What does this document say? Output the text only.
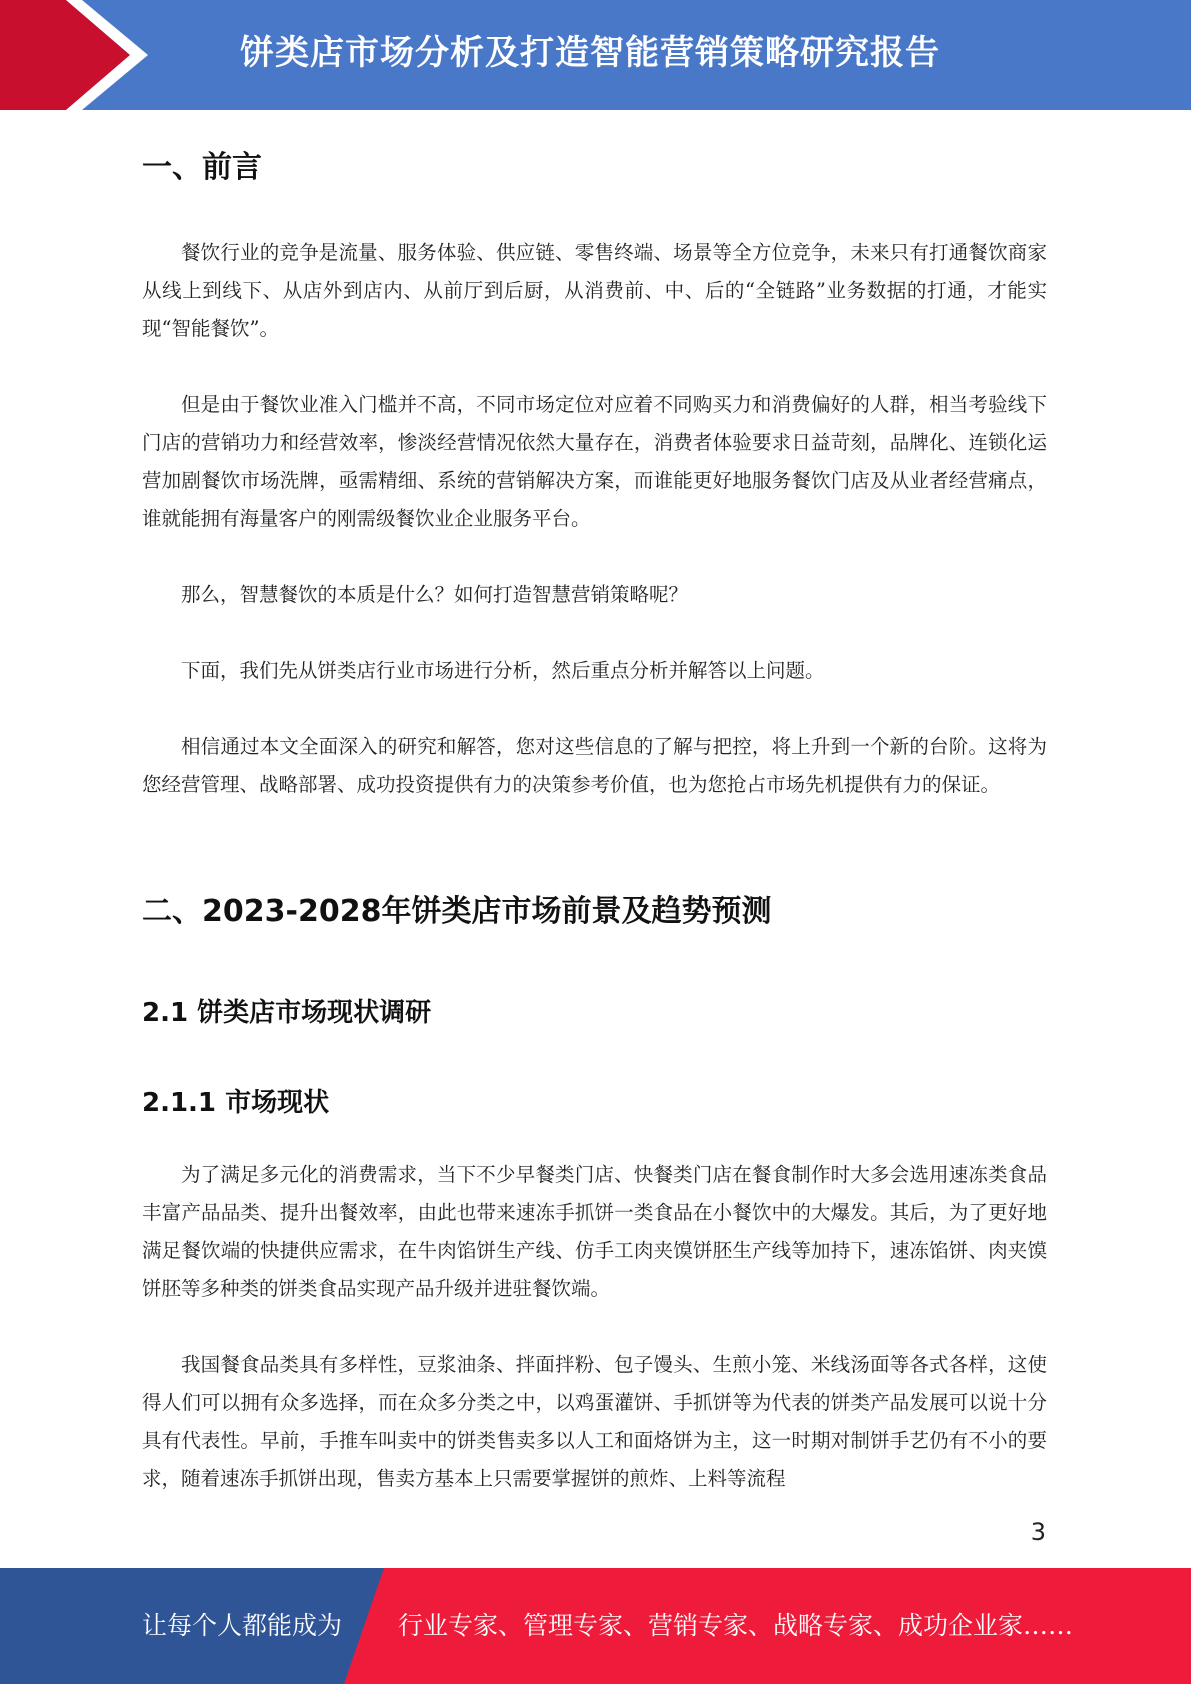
饼类店市场分析及打造智能营销策略研究报告
一、前言

餐饮行业的竞争是流量、服务体验、供应链、零售终端、场景等全方位竞争，未来只有打通餐饮商家从线上到线下、从店外到店内、从前厅到后厨，从消费前、中、后的“全链路”业务数据的打通，才能实现“智能餐饮”。

但是由于餐饮业准入门槛并不高，不同市场定位对应着不同购买力和消费偏好的人群，相当考验线下门店的营销功力和经营效率，惨淡经营情况依然大量存在，消费者体验要求日益苛刻，品牌化、连锁化运营加剧餐饮市场洗牌，亟需精细、系统的营销解决方案，而谁能更好地服务餐饮门店及从业者经营痛点，谁就能拥有海量客户的刚需级餐饮业企业服务平台。

那么，智慧餐饮的本质是什么？如何打造智慧营销策略呢？

下面，我们先从饼类店行业市场进行分析，然后重点分析并解答以上问题。

相信通过本文全面深入的研究和解答，您对这些信息的了解与把控，将上升到一个新的台阶。这将为您经营管理、战略部署、成功投资提供有力的决策参考价值，也为您抢占市场先机提供有力的保证。

二、2023-2028年饼类店市场前景及趋势预测
2.1 饼类店市场现状调研
2.1.1 市场现状

为了满足多元化的消费需求，当下不少早餐类门店、快餐类门店在餐食制作时大多会选用速冻类食品丰富产品品类、提升出餐效率，由此也带来速冻手抓饼一类食品在小餐饮中的大爆发。其后，为了更好地满足餐饮端的快捷供应需求，在牛肉馅饼生产线、仿手工肉夹馍饼胚生产线等加持下，速冻馅饼、肉夹馍饼胚等多种类的饼类食品实现产品升级并进驻餐饮端。

我国餐食品类具有多样性，豆浆油条、拌面拌粉、包子馒头、生煎小笼、米线汤面等各式各样，这使得人们可以拥有众多选择，而在众多分类之中，以鸡蛋灌饼、手抓饼等为代表的饼类产品发展可以说十分具有代表性。早前，手推车叫卖中的饼类售卖多以人工和面烙饼为主，这一时期对制饼手艺仍有不小的要求，随着速冻手抓饼出现，售卖方基本上只需要掌握饼的煎炸、上料等流程

3
让每个人都能成为 行业专家、管理专家、营销专家、战略专家、成功企业家……
